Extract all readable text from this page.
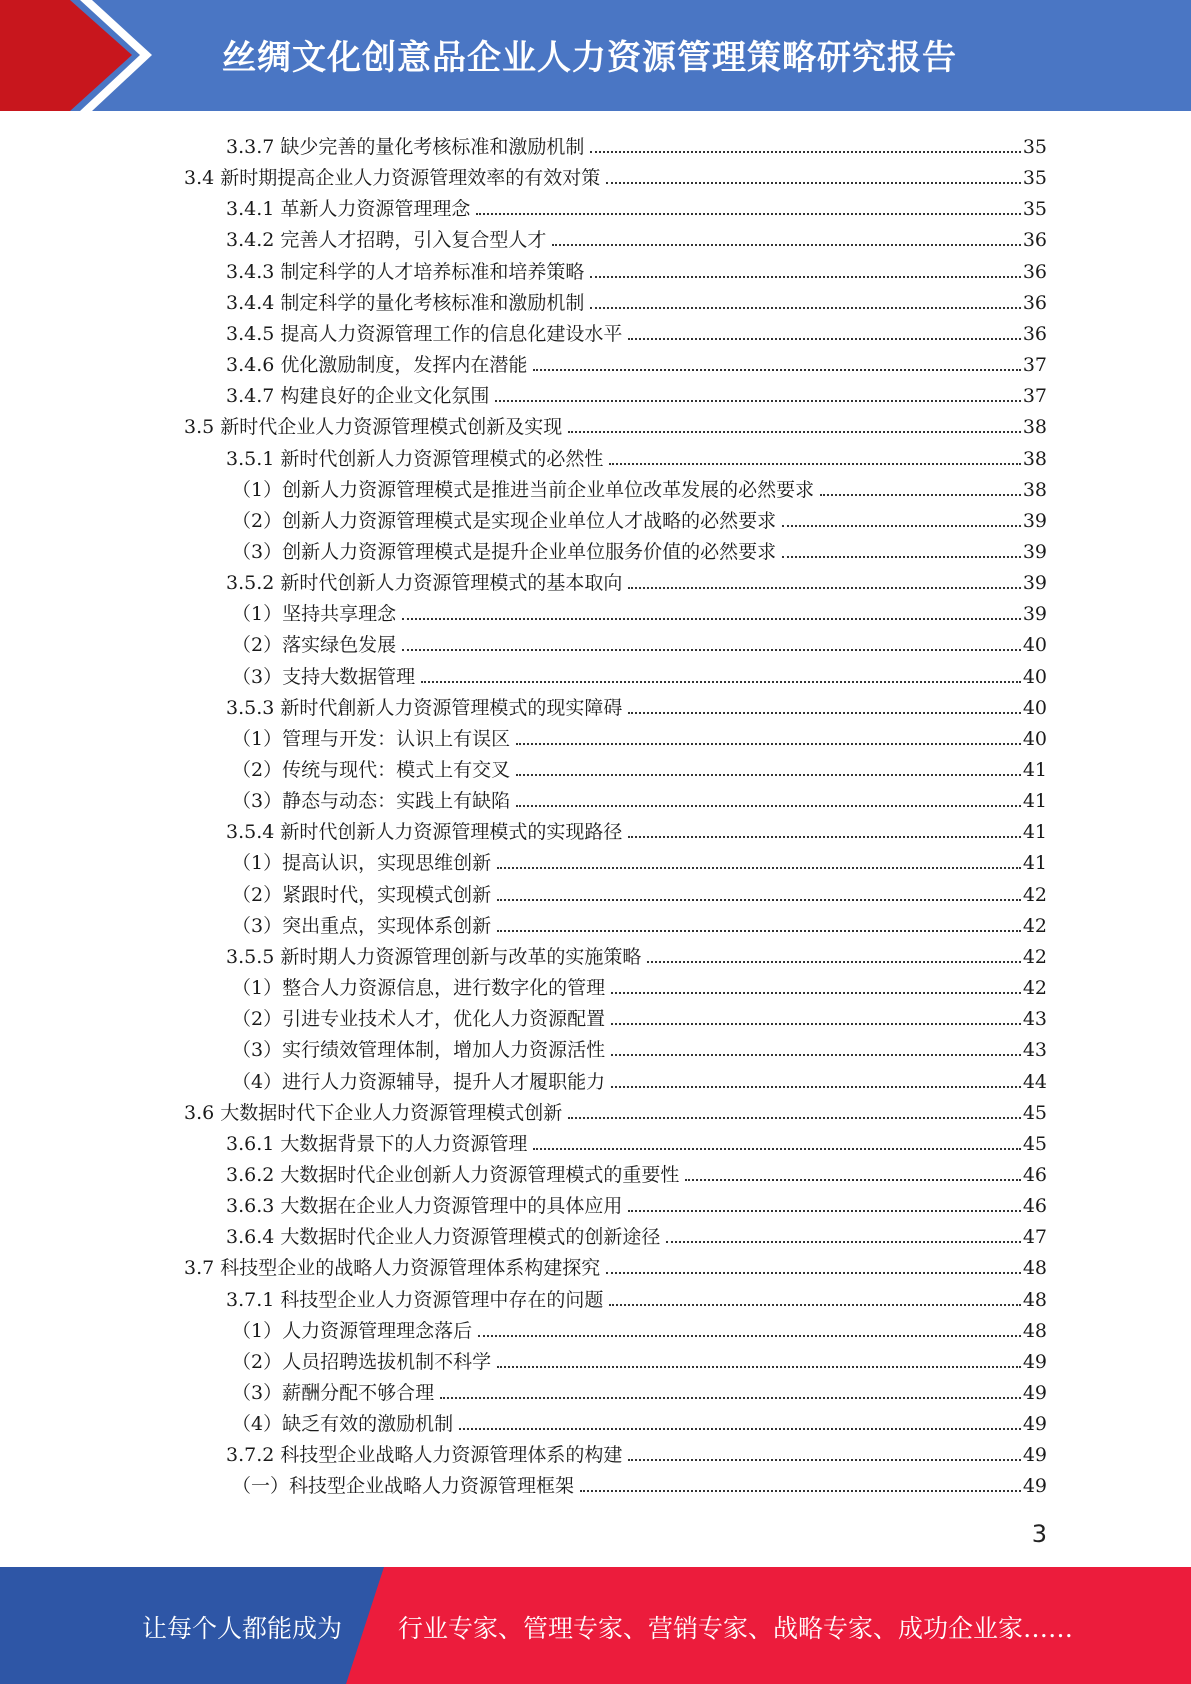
丝绸文化创意品企业人力资源管理策略研究报告
3.3.7 缺少完善的量化考核标准和激励机制	35
3.4 新时期提高企业人力资源管理效率的有效对策	35
3.4.1 革新人力资源管理理念	35
3.4.2 完善人才招聘，引入复合型人才	36
3.4.3 制定科学的人才培养标准和培养策略	36
3.4.4 制定科学的量化考核标准和激励机制	36
3.4.5 提高人力资源管理工作的信息化建设水平	36
3.4.6 优化激励制度，发挥内在潜能	37
3.4.7 构建良好的企业文化氛围	37
3.5 新时代企业人力资源管理模式创新及实现	38
3.5.1 新时代创新人力资源管理模式的必然性	38
（1）创新人力资源管理模式是推进当前企业单位改革发展的必然要求	38
（2）创新人力资源管理模式是实现企业单位人才战略的必然要求	39
（3）创新人力资源管理模式是提升企业单位服务价值的必然要求	39
3.5.2 新时代创新人力资源管理模式的基本取向	39
（1）坚持共享理念	39
（2）落实绿色发展	40
（3）支持大数据管理	40
3.5.3 新时代創新人力资源管理模式的现实障碍	40
（1）管理与开发：认识上有误区	40
（2）传统与现代：模式上有交叉	41
（3）静态与动态：实践上有缺陷	41
3.5.4 新时代创新人力资源管理模式的实现路径	41
（1）提高认识，实现思维创新	41
（2）紧跟时代，实现模式创新	42
（3）突出重点，实现体系创新	42
3.5.5 新时期人力资源管理创新与改革的实施策略	42
（1）整合人力资源信息，进行数字化的管理	42
（2）引进专业技术人才，优化人力资源配置	43
（3）实行绩效管理体制，增加人力资源活性	43
（4）进行人力资源辅导，提升人才履职能力	44
3.6 大数据时代下企业人力资源管理模式创新	45
3.6.1 大数据背景下的人力资源管理	45
3.6.2 大数据时代企业创新人力资源管理模式的重要性	46
3.6.3 大数据在企业人力资源管理中的具体应用	46
3.6.4 大数据时代企业人力资源管理模式的创新途径	47
3.7 科技型企业的战略人力资源管理体系构建探究	48
3.7.1 科技型企业人力资源管理中存在的问题	48
（1）人力资源管理理念落后	48
（2）人员招聘选拔机制不科学	49
（3）薪酬分配不够合理	49
（4）缺乏有效的激励机制	49
3.7.2 科技型企业战略人力资源管理体系的构建	49
（一）科技型企业战略人力资源管理框架	49
3
让每个人都能成为 行业专家、管理专家、营销专家、战略专家、成功企业家……
